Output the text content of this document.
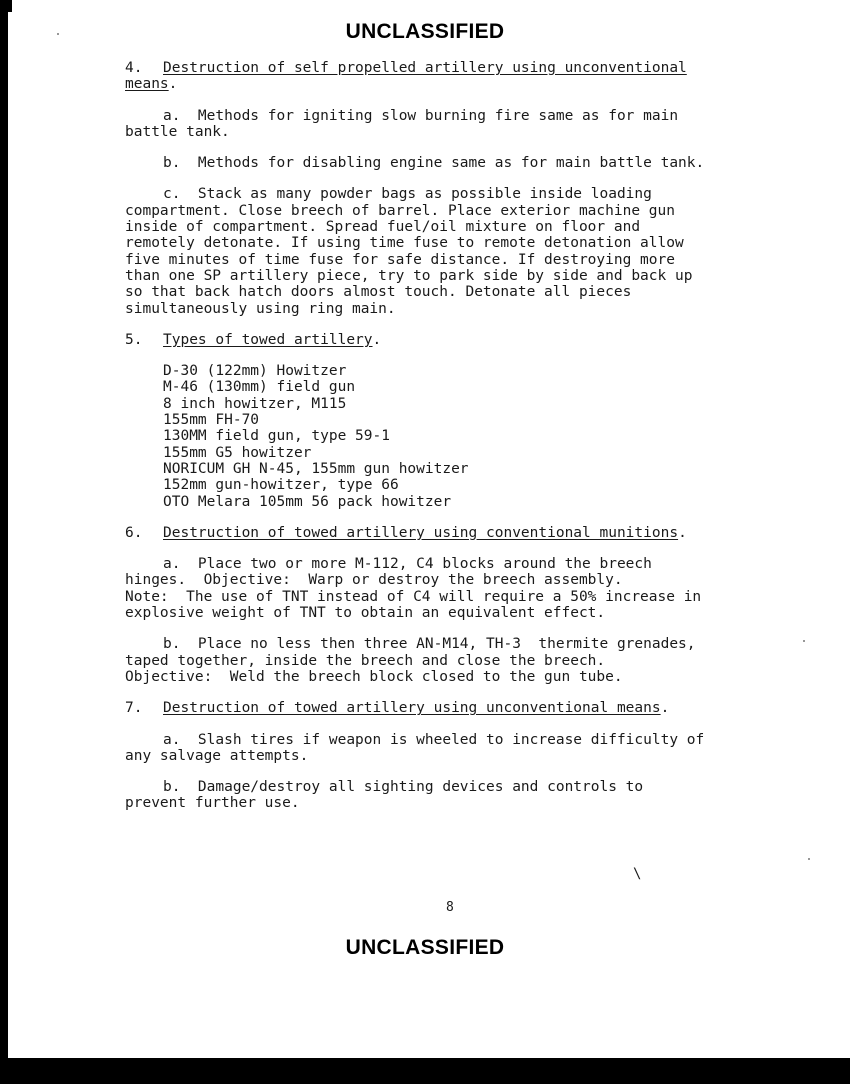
UNCLASSIFIED
4. Destruction of self propelled artillery using unconventional
means.
a.  Methods for igniting slow burning fire same as for main
battle tank.
b.  Methods for disabling engine same as for main battle tank.
c.  Stack as many powder bags as possible inside loading
compartment. Close breech of barrel. Place exterior machine gun
inside of compartment. Spread fuel/oil mixture on floor and
remotely detonate. If using time fuse to remote detonation allow
five minutes of time fuse for safe distance. If destroying more
than one SP artillery piece, try to park side by side and back up
so that back hatch doors almost touch. Detonate all pieces
simultaneously using ring main.
5. Types of towed artillery.
D-30 (122mm) Howitzer
M-46 (130mm) field gun
8 inch howitzer, M115
155mm FH-70
130MM field gun, type 59-1
155mm G5 howitzer
NORICUM GH N-45, 155mm gun howitzer
152mm gun-howitzer, type 66
OTO Melara 105mm 56 pack howitzer
6. Destruction of towed artillery using conventional munitions.
a.  Place two or more M-112, C4 blocks around the breech
hinges.  Objective:  Warp or destroy the breech assembly.
Note:  The use of TNT instead of C4 will require a 50% increase in
explosive weight of TNT to obtain an equivalent effect.
b.  Place no less then three AN-M14, TH-3  thermite grenades,
taped together, inside the breech and close the breech.
Objective:  Weld the breech block closed to the gun tube.
7. Destruction of towed artillery using unconventional means.
a.  Slash tires if weapon is wheeled to increase difficulty of
any salvage attempts.
b.  Damage/destroy all sighting devices and controls to
prevent further use.
\
8
UNCLASSIFIED
